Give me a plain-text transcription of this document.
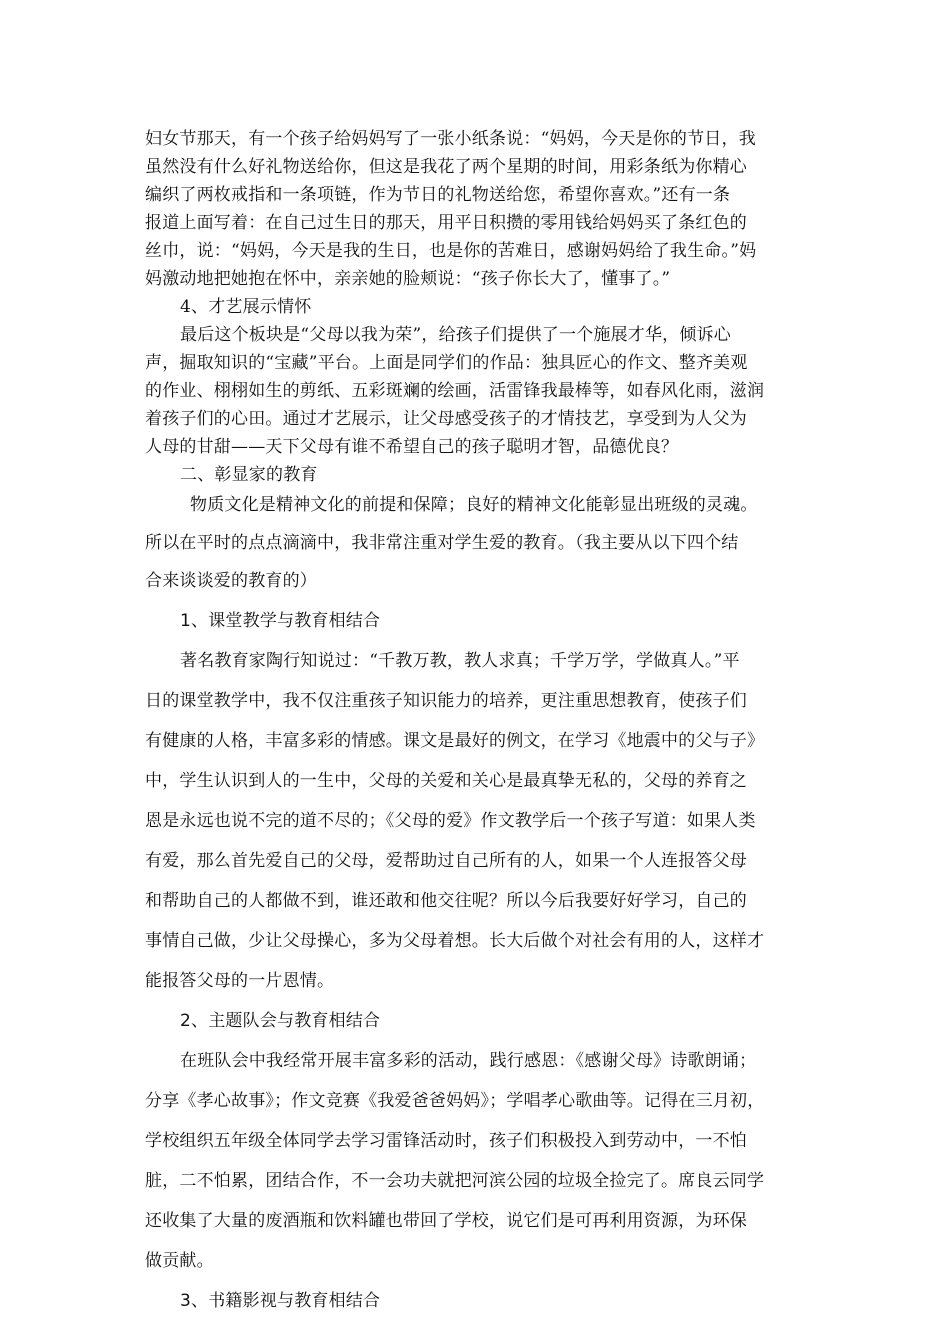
妇女节那天，有一个孩子给妈妈写了一张小纸条说：“妈妈，今天是你的节日，我
虽然没有什么好礼物送给你，但这是我花了两个星期的时间，用彩条纸为你精心
编织了两枚戒指和一条项链，作为节日的礼物送给您，希望你喜欢。”还有一条
报道上面写着：在自己过生日的那天，用平日积攒的零用钱给妈妈买了条红色的
丝巾，说：“妈妈，今天是我的生日，也是你的苦难日，感谢妈妈给了我生命。”妈
妈激动地把她抱在怀中，亲亲她的脸颊说：“孩子你长大了，懂事了。”
4、才艺展示情怀
最后这个板块是“父母以我为荣”，给孩子们提供了一个施展才华，倾诉心
声，掘取知识的“宝藏”平台。上面是同学们的作品：独具匠心的作文、整齐美观
的作业、栩栩如生的剪纸、五彩斑斓的绘画，活雷锋我最棒等，如春风化雨，滋润
着孩子们的心田。通过才艺展示，让父母感受孩子的才情技艺，享受到为人父为
人母的甘甜——天下父母有谁不希望自己的孩子聪明才智，品德优良？
二、彰显家的教育
物质文化是精神文化的前提和保障；良好的精神文化能彰显出班级的灵魂。
所以在平时的点点滴滴中，我非常注重对学生爱的教育。（我主要从以下四个结
合来谈谈爱的教育的）
1、课堂教学与教育相结合
著名教育家陶行知说过：“千教万教，教人求真；千学万学，学做真人。”平
日的课堂教学中，我不仅注重孩子知识能力的培养，更注重思想教育，使孩子们
有健康的人格，丰富多彩的情感。课文是最好的例文，在学习《地震中的父与子》
中，学生认识到人的一生中，父母的关爱和关心是最真挚无私的，父母的养育之
恩是永远也说不完的道不尽的；《父母的爱》作文教学后一个孩子写道：如果人类
有爱，那么首先爱自己的父母，爱帮助过自己所有的人，如果一个人连报答父母
和帮助自己的人都做不到，谁还敢和他交往呢？所以今后我要好好学习，自己的
事情自己做，少让父母操心，多为父母着想。长大后做个对社会有用的人，这样才
能报答父母的一片恩情。
2、主题队会与教育相结合
在班队会中我经常开展丰富多彩的活动，践行感恩：《感谢父母》诗歌朗诵；
分享《孝心故事》；作文竞赛《我爱爸爸妈妈》；学唱孝心歌曲等。记得在三月初，
学校组织五年级全体同学去学习雷锋活动时，孩子们积极投入到劳动中，一不怕
脏，二不怕累，团结合作，不一会功夫就把河滨公园的垃圾全捡完了。席良云同学
还收集了大量的废酒瓶和饮料罐也带回了学校，说它们是可再利用资源，为环保
做贡献。
3、书籍影视与教育相结合
